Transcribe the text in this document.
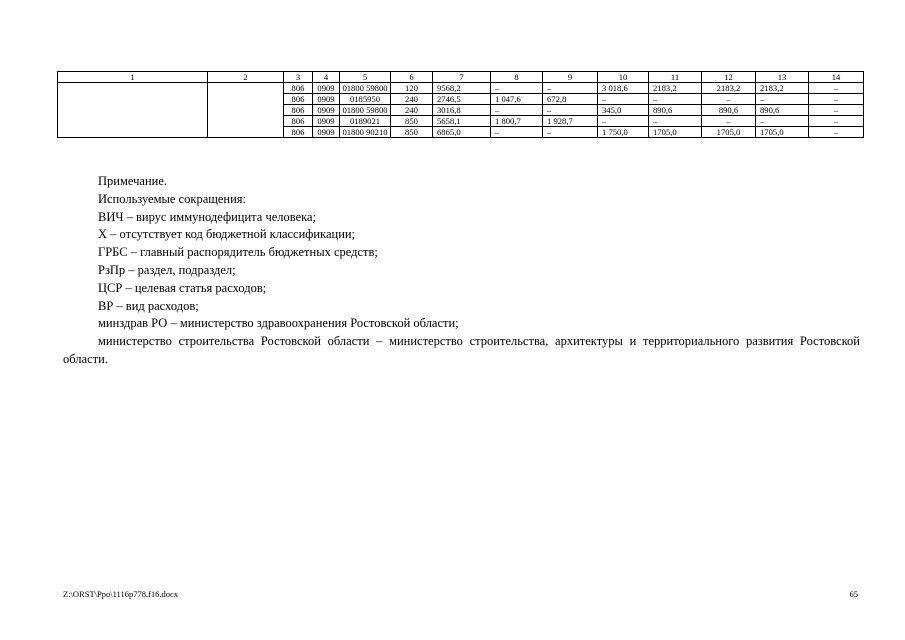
1	2	3	4	5	6	7	8	9	10	11	12	13	14
		806	0909	01800 59800	120	9568,2	–	–	3 018,6	2183,2	2183,2	2183,2	–
		806	0909	0185950	240	2746,5	1 047,6	672,8	–	–	–	–	–
		806	0909	01800 59800	240	3016,8	–	–	345,0	890,6	890,6	890,6	–
		806	0909	0189021	850	5658,1	1 800,7	1 928,7	–	–	–	–	–
		806	0909	01800 90210	850	6865,0	–	–	1 750,0	1705,0	1705,0	1705,0	–

Примечание.

Используемые сокращения:

ВИЧ – вирус иммунодефицита человека;

Х – отсутствует код бюджетной классификации;

ГРБС – главный распорядитель бюджетных средств;

РзПр – раздел, подраздел;

ЦСР – целевая статья расходов;

ВР – вид расходов;

минздрав РО – министерство здравоохранения Ростовской области;

министерство строительства Ростовской области – министерство строительства, архитектуры и территориального развития Ростовской области.

Z:\ORST\Ppo\1116p778.f16.docx	65
